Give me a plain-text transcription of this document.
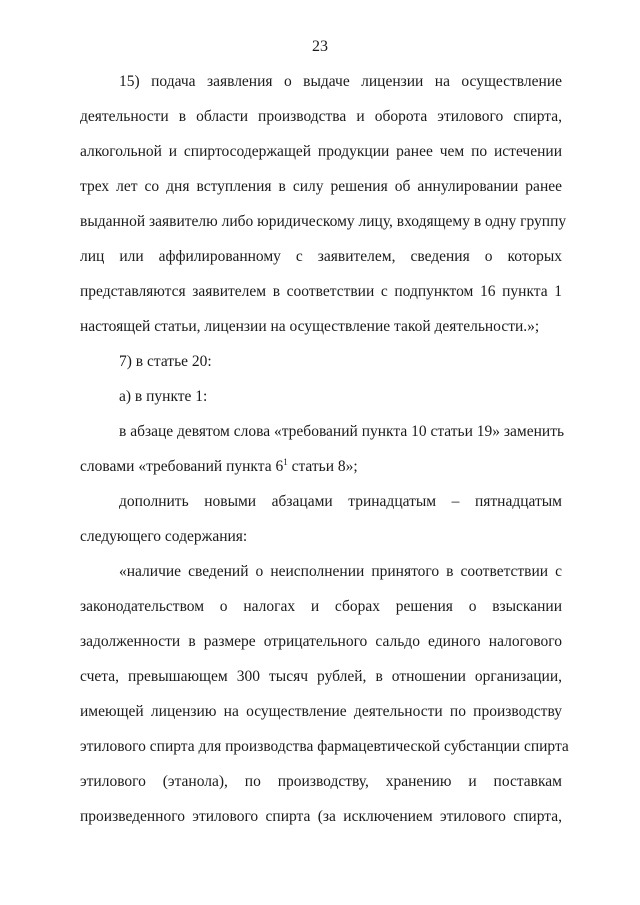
23
15) подача заявления о выдаче лицензии на осуществление
деятельности в области производства и оборота этилового спирта,
алкогольной и спиртосодержащей продукции ранее чем по истечении
трех лет со дня вступления в силу решения об аннулировании ранее
выданной заявителю либо юридическому лицу, входящему в одну группу
лиц или аффилированному с заявителем, сведения о которых
представляются заявителем в соответствии с подпунктом 16 пункта 1
настоящей статьи, лицензии на осуществление такой деятельности.»;
7) в статье 20:
а) в пункте 1:
в абзаце девятом слова «требований пункта 10 статьи 19» заменить
словами «требований пункта $6^1$ статьи 8»;
дополнить новыми абзацами тринадцатым – пятнадцатым
следующего содержания:
«наличие сведений о неисполнении принятого в соответствии с
законодательством о налогах и сборах решения о взыскании
задолженности в размере отрицательного сальдо единого налогового
счета, превышающем 300 тысяч рублей, в отношении организации,
имеющей лицензию на осуществление деятельности по производству
этилового спирта для производства фармацевтической субстанции спирта
этилового (этанола), по производству, хранению и поставкам
произведенного этилового спирта (за исключением этилового спирта,
